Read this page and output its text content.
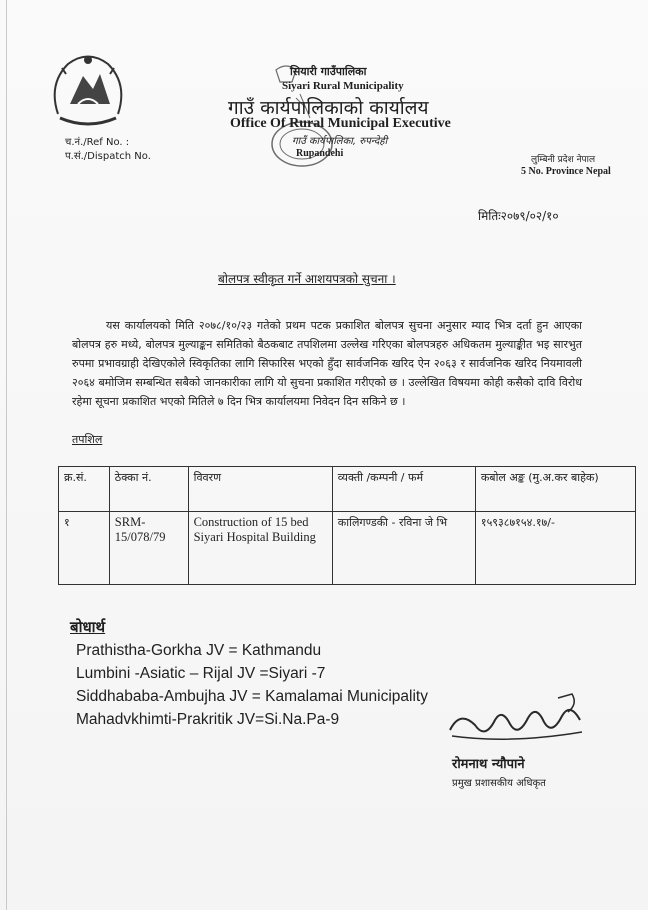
च.नं./Ref No. :
प.सं./Dispatch No.
सियारी गाउँपालिका
Siyari Rural Municipality
गाउँ कार्यपालिकाको कार्यालय
Office Of Rural Municipal Executive
गाउँ कार्यपालिका, रुपन्देही
Rupandehi
लुम्बिनी प्रदेश नेपाल
5 No. Province Nepal
मितिः२०७९/०२/१०
बोलपत्र स्वीकृत गर्ने आशयपत्रको सुचना ।
यस कार्यालयको मिति २०७८/१०/२३ गतेको प्रथम पटक प्रकाशित बोलपत्र सुचना अनुसार म्याद भित्र दर्ता हुन आएका बोलपत्र हरु मध्ये, बोलपत्र मुल्याङ्कन समितिको बैठकबाट तपशिलमा उल्लेख गरिएका बोलपत्रहरु अधिकतम मुल्याङ्कीत भइ सारभुत रुपमा प्रभावग्राही देखिएकोले स्विकृतिका लागि सिफारिस भएको हुँदा सार्वजनिक खरिद ऐन २०६३ र सार्वजनिक खरिद नियमावली २०६४ बमोजिम सम्बन्धित सबैको जानकारीका लागि यो सुचना प्रकाशित गरीएको छ । उल्लेखित विषयमा कोही कसैको दावि विरोध रहेमा सूचना प्रकाशित भएको मितिले ७ दिन भित्र कार्यालयमा निवेदन दिन सकिने छ ।
तपशिल
क्र.सं.	ठेक्का नं.	विवरण	व्यक्ती /कम्पनी / फर्म	कबोल अङ्क (मु.अ.कर बाहेक)
१	SRM-15/078/79	Construction of 15 bed Siyari Hospital Building	कालिगण्डकी - रविना जे भि	१५९३८७१५४.१७/-
बोधार्थ
Prathistha-Gorkha JV = Kathmandu
Lumbini -Asiatic – Rijal JV =Siyari -7
Siddhababa-Ambujha JV = Kamalamai Municipality
Mahadvkhimti-Prakritik JV=Si.Na.Pa-9
रोमनाथ न्यौपाने
प्रमुख प्रशासकीय अधिकृत
